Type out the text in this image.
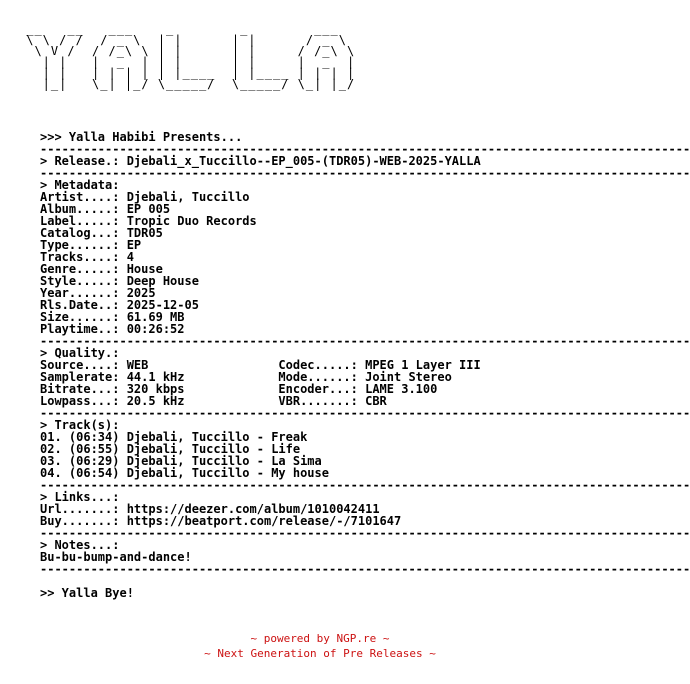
__   __   ___    _        _        ___
\ \ / /  / _ \  | |      | |      / _ \
\ V /  / /_\ \ | |      | |     / /_\ \
| |   |  _  | | |      | |     |  _  |
| |   | | | | | |____  | |____ | | | |
|_|   \_| |_/ \_____/  \_____/ \_| |_/
>>> Yalla Habibi Presents...
------------------------------------------------------------------------------------------
> Release.: Djebali_x_Tuccillo--EP_005-(TDR05)-WEB-2025-YALLA
------------------------------------------------------------------------------------------
> Metadata:
Artist....: Djebali, Tuccillo
Album.....: EP 005
Label.....: Tropic Duo Records
Catalog...: TDR05
Type......: EP
Tracks....: 4
Genre.....: House
Style.....: Deep House
Year......: 2025
Rls.Date..: 2025-12-05
Size......: 61.69 MB
Playtime..: 00:26:52
------------------------------------------------------------------------------------------
> Quality.:
Source....: WEB                  Codec.....: MPEG 1 Layer III
Samplerate: 44.1 kHz             Mode......: Joint Stereo
Bitrate...: 320 kbps             Encoder...: LAME 3.100
Lowpass...: 20.5 kHz             VBR.......: CBR
------------------------------------------------------------------------------------------
> Track(s):
01. (06:34) Djebali, Tuccillo - Freak
02. (06:55) Djebali, Tuccillo - Life
03. (06:29) Djebali, Tuccillo - La Sima
04. (06:54) Djebali, Tuccillo - My house
------------------------------------------------------------------------------------------
> Links...:
Url.......: https://deezer.com/album/1010042411
Buy.......: https://beatport.com/release/-/7101647
------------------------------------------------------------------------------------------
> Notes...:
Bu-bu-bump-and-dance!
------------------------------------------------------------------------------------------

>> Yalla Bye!
~ powered by NGP.re ~
~ Next Generation of Pre Releases ~
